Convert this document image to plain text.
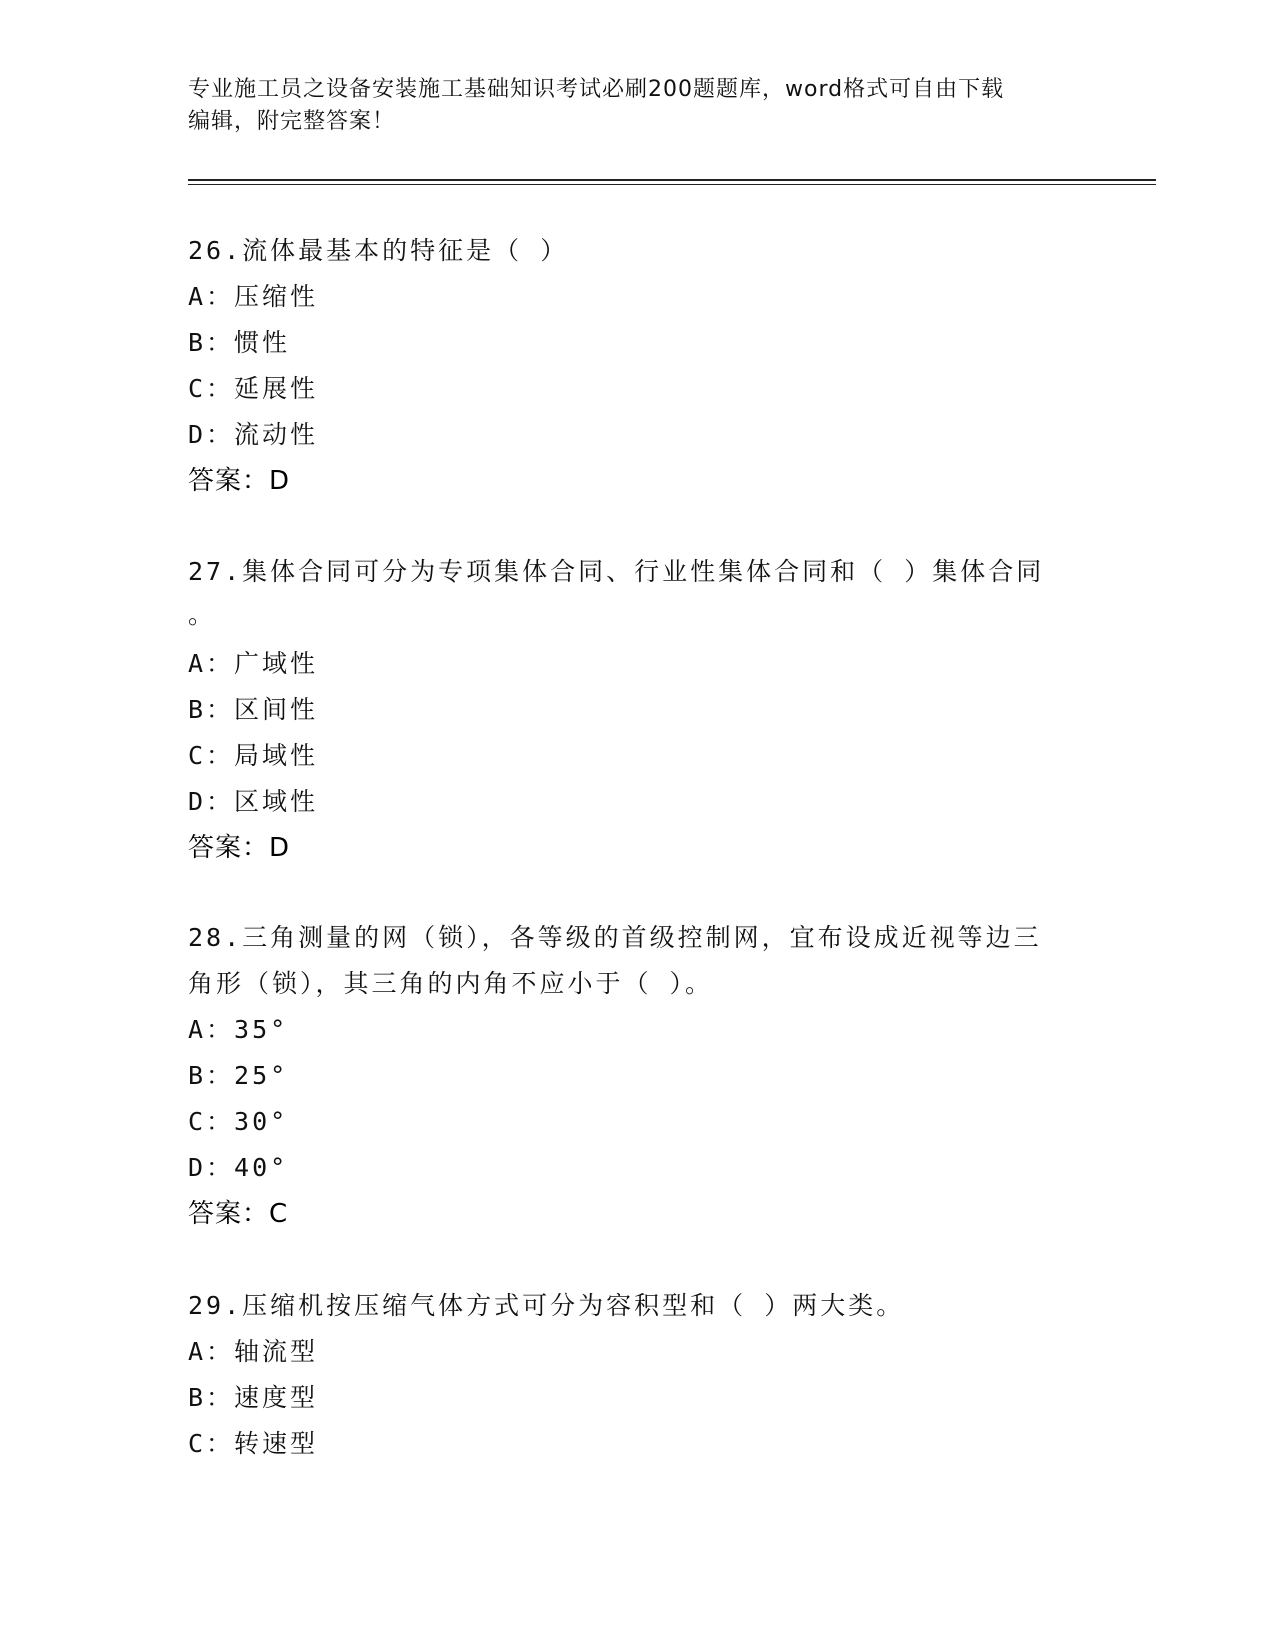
专业施工员之设备安装施工基础知识考试必刷200题题库，word格式可自由下载
编辑，附完整答案！
26.流体最基本的特征是（ ）
A：压缩性
B：惯性
C：延展性
D：流动性
答案：D
27.集体合同可分为专项集体合同、行业性集体合同和（ ）集体合同
。
A：广域性
B：区间性
C：局域性
D：区域性
答案：D
28.三角测量的网（锁），各等级的首级控制网，宜布设成近视等边三
角形（锁），其三角的内角不应小于（ ）。
A：35°
B：25°
C：30°
D：40°
答案：C
29.压缩机按压缩气体方式可分为容积型和（ ）两大类。
A：轴流型
B：速度型
C：转速型
